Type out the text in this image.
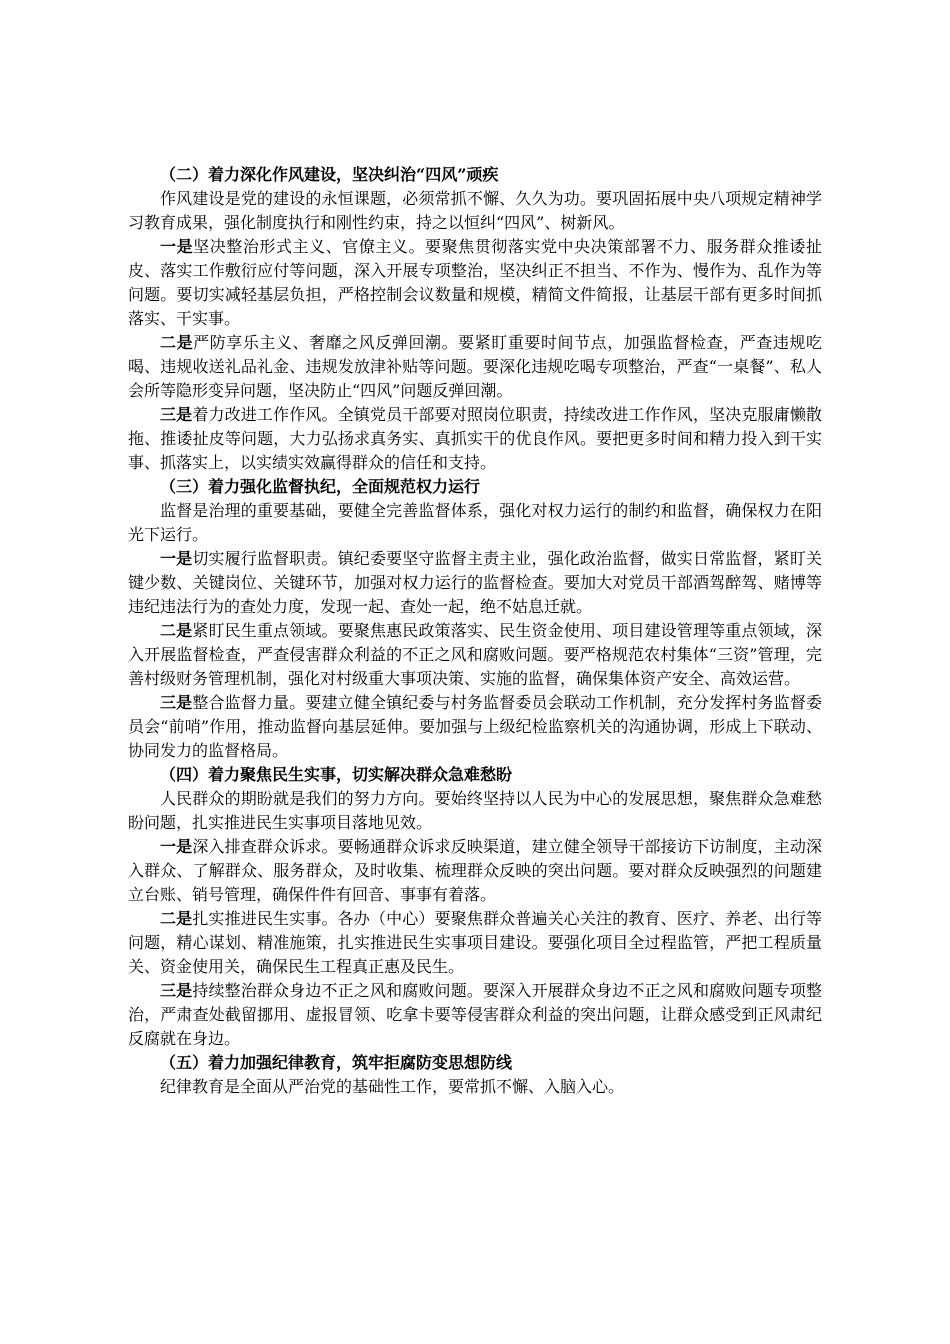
（二）着力深化作风建设，坚决纠治“四风”顽疾

作风建设是党的建设的永恒课题，必须常抓不懈、久久为功。要巩固拓展中央八项规定精神学习教育成果，强化制度执行和刚性约束，持之以恒纠“四风”、树新风。

一是坚决整治形式主义、官僚主义。要聚焦贯彻落实党中央决策部署不力、服务群众推诿扯皮、落实工作敷衍应付等问题，深入开展专项整治，坚决纠正不担当、不作为、慢作为、乱作为等问题。要切实减轻基层负担，严格控制会议数量和规模，精简文件简报，让基层干部有更多时间抓落实、干实事。

二是严防享乐主义、奢靡之风反弹回潮。要紧盯重要时间节点，加强监督检查，严查违规吃喝、违规收送礼品礼金、违规发放津补贴等问题。要深化违规吃喝专项整治，严查“一桌餐”、私人会所等隐形变异问题，坚决防止“四风”问题反弹回潮。

三是着力改进工作作风。全镇党员干部要对照岗位职责，持续改进工作作风，坚决克服庸懒散拖、推诿扯皮等问题，大力弘扬求真务实、真抓实干的优良作风。要把更多时间和精力投入到干实事、抓落实上，以实绩实效赢得群众的信任和支持。

（三）着力强化监督执纪，全面规范权力运行

监督是治理的重要基础，要健全完善监督体系，强化对权力运行的制约和监督，确保权力在阳光下运行。

一是切实履行监督职责。镇纪委要坚守监督主责主业，强化政治监督，做实日常监督，紧盯关键少数、关键岗位、关键环节，加强对权力运行的监督检查。要加大对党员干部酒驾醉驾、赌博等违纪违法行为的查处力度，发现一起、查处一起，绝不姑息迁就。

二是紧盯民生重点领域。要聚焦惠民政策落实、民生资金使用、项目建设管理等重点领域，深入开展监督检查，严查侵害群众利益的不正之风和腐败问题。要严格规范农村集体“三资”管理，完善村级财务管理机制，强化对村级重大事项决策、实施的监督，确保集体资产安全、高效运营。

三是整合监督力量。要建立健全镇纪委与村务监督委员会联动工作机制，充分发挥村务监督委员会“前哨”作用，推动监督向基层延伸。要加强与上级纪检监察机关的沟通协调，形成上下联动、协同发力的监督格局。

（四）着力聚焦民生实事，切实解决群众急难愁盼

人民群众的期盼就是我们的努力方向。要始终坚持以人民为中心的发展思想，聚焦群众急难愁盼问题，扎实推进民生实事项目落地见效。

一是深入排查群众诉求。要畅通群众诉求反映渠道，建立健全领导干部接访下访制度，主动深入群众、了解群众、服务群众，及时收集、梳理群众反映的突出问题。要对群众反映强烈的问题建立台账、销号管理，确保件件有回音、事事有着落。

二是扎实推进民生实事。各办（中心）要聚焦群众普遍关心关注的教育、医疗、养老、出行等问题，精心谋划、精准施策，扎实推进民生实事项目建设。要强化项目全过程监管，严把工程质量关、资金使用关，确保民生工程真正惠及民生。

三是持续整治群众身边不正之风和腐败问题。要深入开展群众身边不正之风和腐败问题专项整治，严肃查处截留挪用、虚报冒领、吃拿卡要等侵害群众利益的突出问题，让群众感受到正风肃纪反腐就在身边。

（五）着力加强纪律教育，筑牢拒腐防变思想防线

纪律教育是全面从严治党的基础性工作，要常抓不懈、入脑入心。
